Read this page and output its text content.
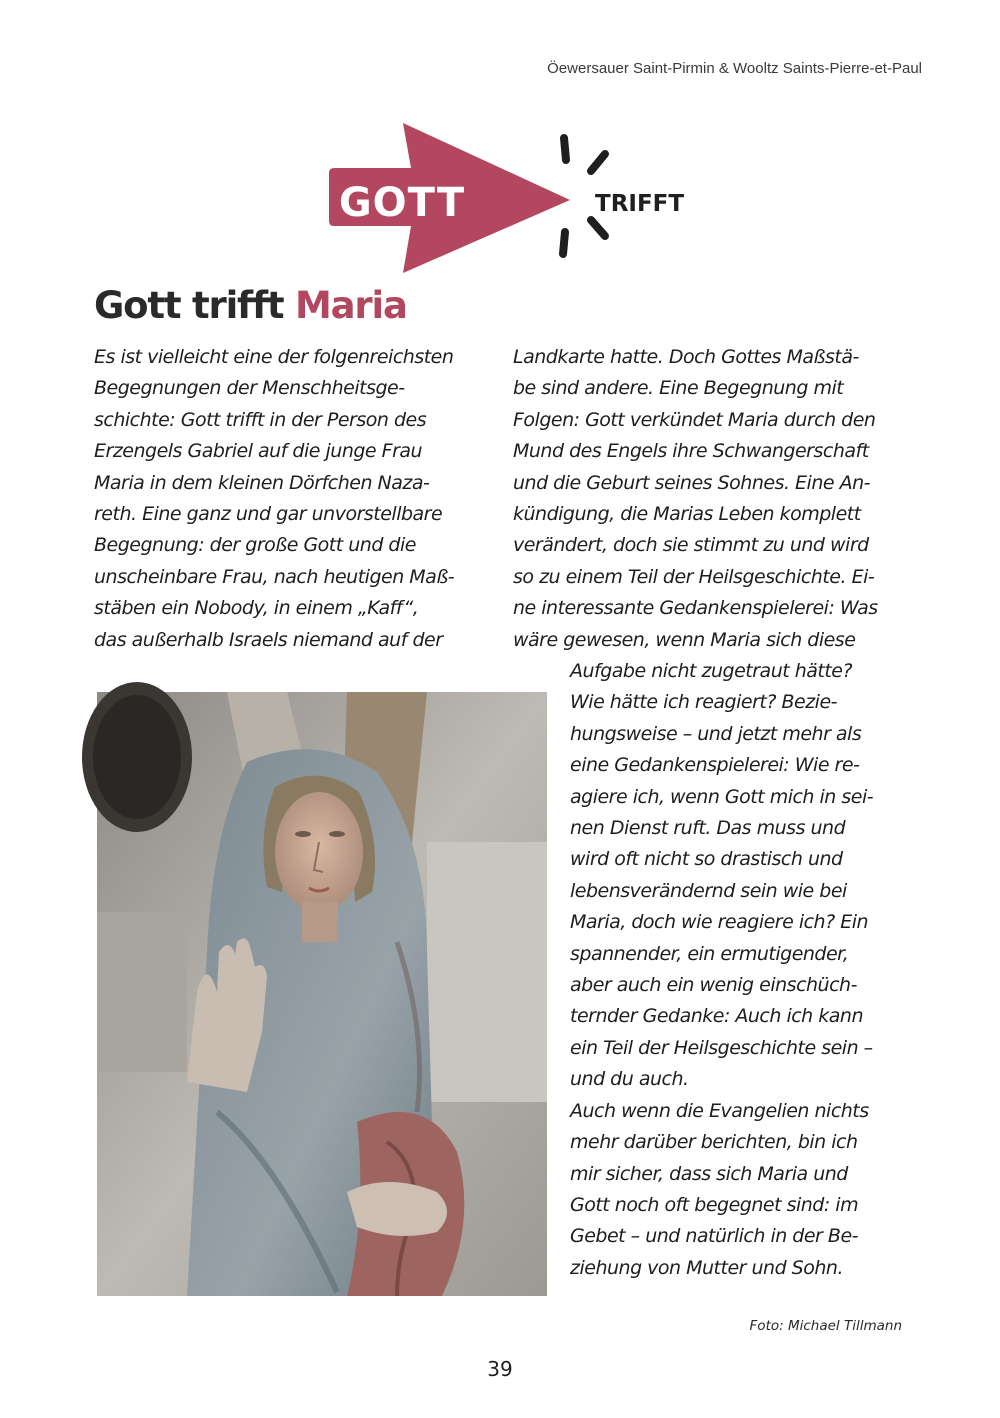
Öewersauer Saint-Pirmin & Wooltz Saints-Pierre-et-Paul
GOTT	TRIFFT
Gott trifft Maria
Es ist vielleicht eine der folgenreichsten
Begegnungen der Menschheitsge-
schichte: Gott trifft in der Person des
Erzengels Gabriel auf die junge Frau
Maria in dem kleinen Dörfchen Naza-
reth. Eine ganz und gar unvorstellbare
Begegnung: der große Gott und die
unscheinbare Frau, nach heutigen Maß-
stäben ein Nobody, in einem „Kaff“,
das außerhalb Israels niemand auf der
Landkarte hatte. Doch Gottes Maßstä-
be sind andere. Eine Begegnung mit
Folgen: Gott verkündet Maria durch den
Mund des Engels ihre Schwangerschaft
und die Geburt seines Sohnes. Eine An-
kündigung, die Marias Leben komplett
verändert, doch sie stimmt zu und wird
so zu einem Teil der Heilsgeschichte. Ei-
ne interessante Gedankenspielerei: Was
wäre gewesen, wenn Maria sich diese
Aufgabe nicht zugetraut hätte?
Wie hätte ich reagiert? Bezie-
hungsweise – und jetzt mehr als
eine Gedankenspielerei: Wie re-
agiere ich, wenn Gott mich in sei-
nen Dienst ruft. Das muss und
wird oft nicht so drastisch und
lebensverändernd sein wie bei
Maria, doch wie reagiere ich? Ein
spannender, ein ermutigender,
aber auch ein wenig einschüch-
ternder Gedanke: Auch ich kann
ein Teil der Heilsgeschichte sein –
und du auch.
Auch wenn die Evangelien nichts
mehr darüber berichten, bin ich
mir sicher, dass sich Maria und
Gott noch oft begegnet sind: im
Gebet – und natürlich in der Be-
ziehung von Mutter und Sohn.
Foto: Michael Tillmann
39
